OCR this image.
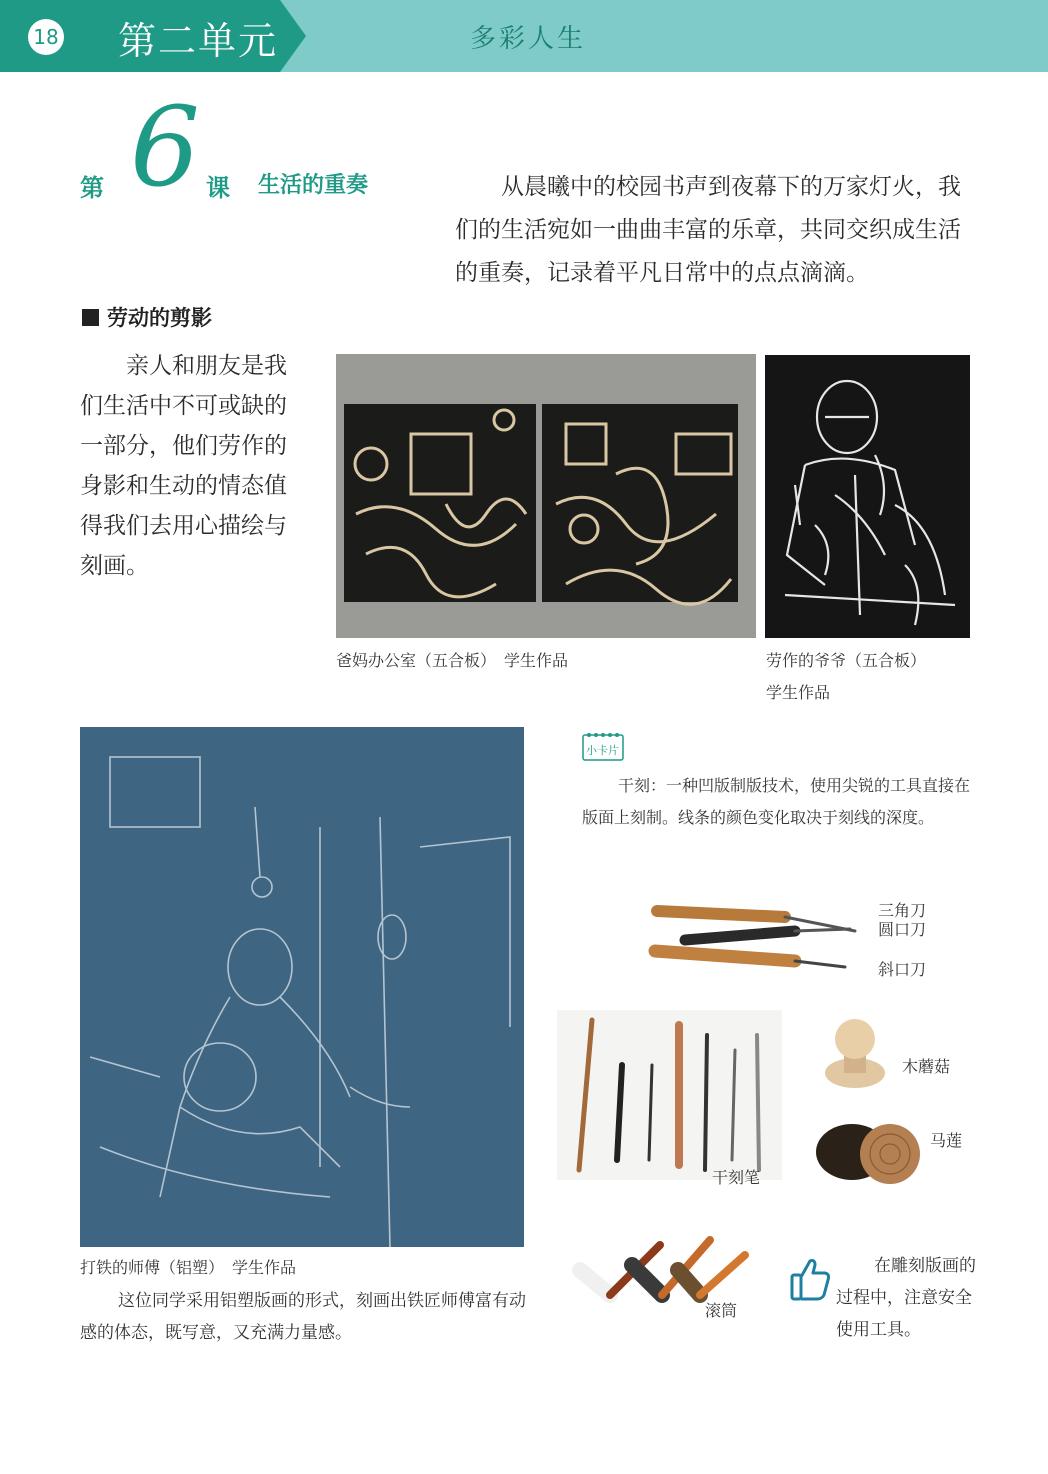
18 第二单元	多彩人生
第 6 课 生活的重奏	从晨曦中的校园书声到夜幕下的万家灯火，我们的生活宛如一曲曲丰富的乐章，共同交织成生活的重奏，记录着平凡日常中的点点滴滴。
劳动的剪影
亲人和朋友是我们生活中不可或缺的一部分，他们劳作的身影和生动的情态值得我们去用心描绘与刻画。
爸妈办公室（五合板）　学生作品	劳作的爷爷（五合板）
学生作品
打铁的师傅（铝塑）　学生作品
这位同学采用铝塑版画的形式，刻画出铁匠师傅富有动感的体态，既写意，又充满力量感。
小卡片
干刻：一种凹版制版技术，使用尖锐的工具直接在版面上刻制。线条的颜色变化取决于刻线的深度。
三角刀
圆口刀
斜口刀
干刻笔
木蘑菇
马莲
滚筒
在雕刻版画的过程中，注意安全使用工具。
